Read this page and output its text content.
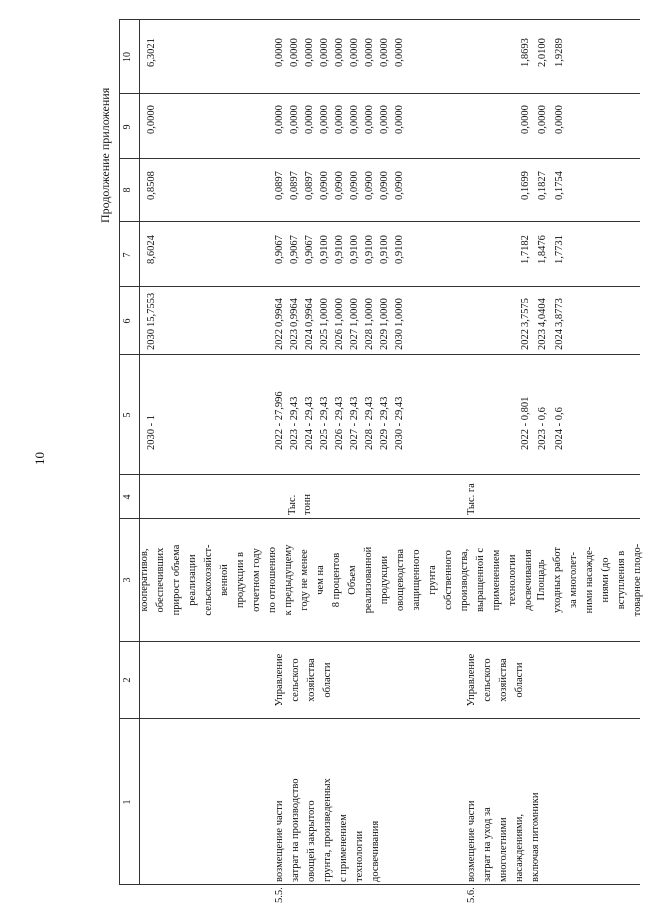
10
Продолжение приложения
1
2
3
4
5
6
7
8
9
10
кооперативов, обеспечивших прирост объема реализации сельскохозяйст- венной продукции в отчетном году по отношению к предыдущему году не менее чем на 8 процентов
2030 - 1
2030
15,7553
8,6024
0,8508
0,0000
6,3021
5.5.
возмещение части затрат на производство овощей закрытого грунта, произведенных с применением технологии досвечивания
Управление сельского хозяйства области
Объем реализованной продукции овощеводства защищенного грунта собственного производства, выращенной с применением технологии досвечивания
Тыс. тонн
2022 - 27,996
2022
0,9964
0,9067
0,0897
0,0000
0,0000
2023 - 29,43
2023
0,9964
0,9067
0,0897
0,0000
0,0000
2024 - 29,43
2024
0,9964
0,9067
0,0897
0,0000
0,0000
2025 - 29,43
2025
1,0000
0,9100
0,0900
0,0000
0,0000
2026 - 29,43
2026
1,0000
0,9100
0,0900
0,0000
0,0000
2027 - 29,43
2027
1,0000
0,9100
0,0900
0,0000
0,0000
2028 - 29,43
2028
1,0000
0,9100
0,0900
0,0000
0,0000
2029 - 29,43
2029
1,0000
0,9100
0,0900
0,0000
0,0000
2030 - 29,43
2030
1,0000
0,9100
0,0900
0,0000
0,0000
5.6.
возмещение части затрат на уход за многолетними насаждениями, включая питомники
Управление сельского хозяйства области
Площадь уходных работ за многолет- ними насажде- ниями (до вступления в товарное плодо-
Тыс. га
2022 - 0,801
2022
3,7575
1,7182
0,1699
0,0000
1,8693
2023 - 0,6
2023
4,0404
1,8476
0,1827
0,0000
2,0100
2024 - 0,6
2024
3,8773
1,7731
0,1754
0,0000
1,9289
